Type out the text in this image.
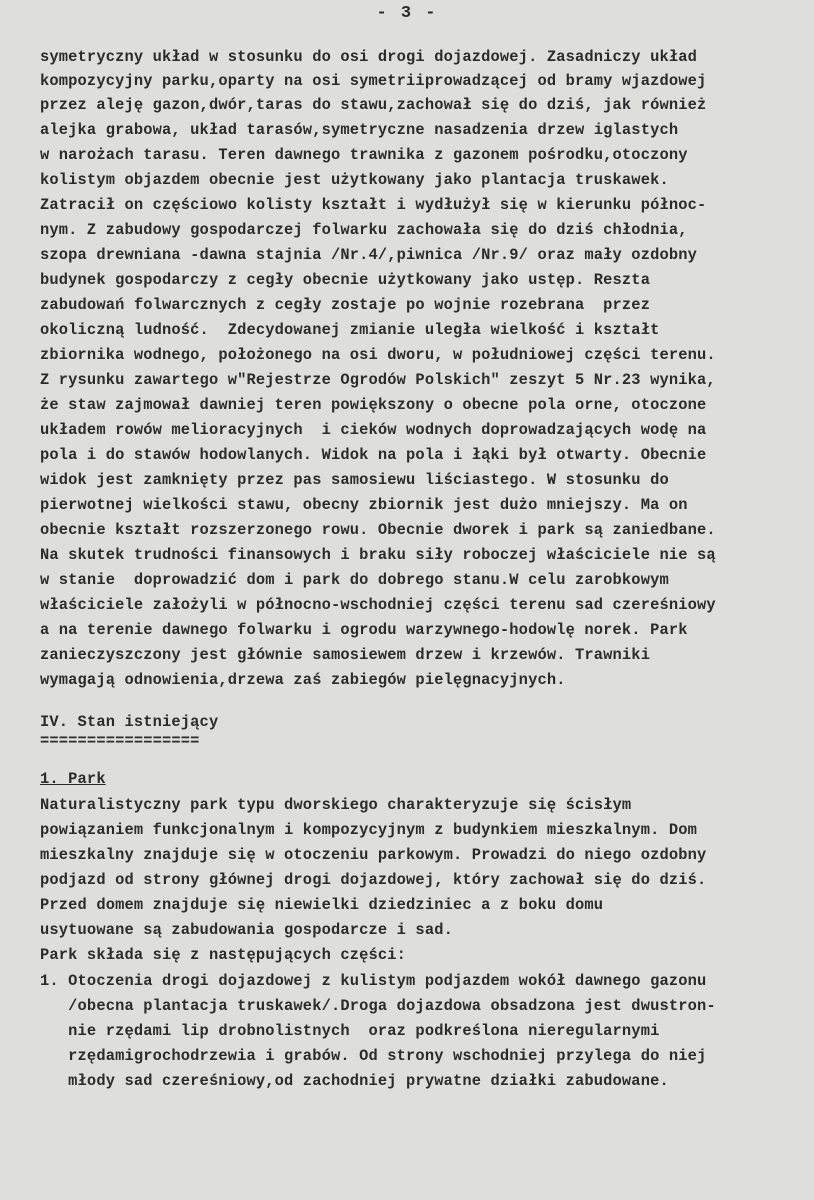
- 3 -

symetryczny układ w stosunku do osi drogi dojazdowej. Zasadniczy układ

kompozycyjny parku,oparty na osi symetriiprowadzącej od bramy wjazdowej

przez aleję gazon,dwór,taras do stawu,zachował się do dziś, jak również

alejka grabowa, układ tarasów,symetryczne nasadzenia drzew iglastych

w narożach tarasu. Teren dawnego trawnika z gazonem pośrodku,otoczony

kolistym objazdem obecnie jest użytkowany jako plantacja truskawek.

Zatracił on częściowo kolisty kształt i wydłużył się w kierunku północ-

nym. Z zabudowy gospodarczej folwarku zachowała się do dziś chłodnia,

szopa drewniana -dawna stajnia /Nr.4/,piwnica /Nr.9/ oraz mały ozdobny

budynek gospodarczy z cegły obecnie użytkowany jako ustęp. Reszta

zabudowań folwarcznych z cegły zostaje po wojnie rozebrana  przez

okoliczną ludność.  Zdecydowanej zmianie uległa wielkość i kształt

zbiornika wodnego, położonego na osi dworu, w południowej części terenu.

Z rysunku zawartego w"Rejestrze Ogrodów Polskich" zeszyt 5 Nr.23 wynika,

że staw zajmował dawniej teren powiększony o obecne pola orne, otoczone

układem rowów melioracyjnych  i cieków wodnych doprowadzających wodę na

pola i do stawów hodowlanych. Widok na pola i łąki był otwarty. Obecnie

widok jest zamknięty przez pas samosiewu liściastego. W stosunku do

pierwotnej wielkości stawu, obecny zbiornik jest dużo mniejszy. Ma on

obecnie kształt rozszerzonego rowu. Obecnie dworek i park są zaniedbane.

Na skutek trudności finansowych i braku siły roboczej właściciele nie są

w stanie  doprowadzić dom i park do dobrego stanu.W celu zarobkowym

właściciele założyli w północno-wschodniej części terenu sad czereśniowy

a na terenie dawnego folwarku i ogrodu warzywnego-hodowlę norek. Park

zanieczyszczony jest głównie samosiewem drzew i krzewów. Trawniki

wymagają odnowienia,drzewa zaś zabiegów pielęgnacyjnych.

IV. Stan istniejący

=================

1. Park

Naturalistyczny park typu dworskiego charakteryzuje się ścisłym

powiązaniem funkcjonalnym i kompozycyjnym z budynkiem mieszkalnym. Dom

mieszkalny znajduje się w otoczeniu parkowym. Prowadzi do niego ozdobny

podjazd od strony głównej drogi dojazdowej, który zachował się do dziś.

Przed domem znajduje się niewielki dziedziniec a z boku domu

usytuowane są zabudowania gospodarcze i sad.

Park składa się z następujących części:

1. Otoczenia drogi dojazdowej z kulistym podjazdem wokół dawnego gazonu

/obecna plantacja truskawek/.Droga dojazdowa obsadzona jest dwustron-

nie rzędami lip drobnolistnych  oraz podkreślona nieregularnymi

rzędamigrochodrzewia i grabów. Od strony wschodniej przylega do niej

młody sad czereśniowy,od zachodniej prywatne działki zabudowane.
